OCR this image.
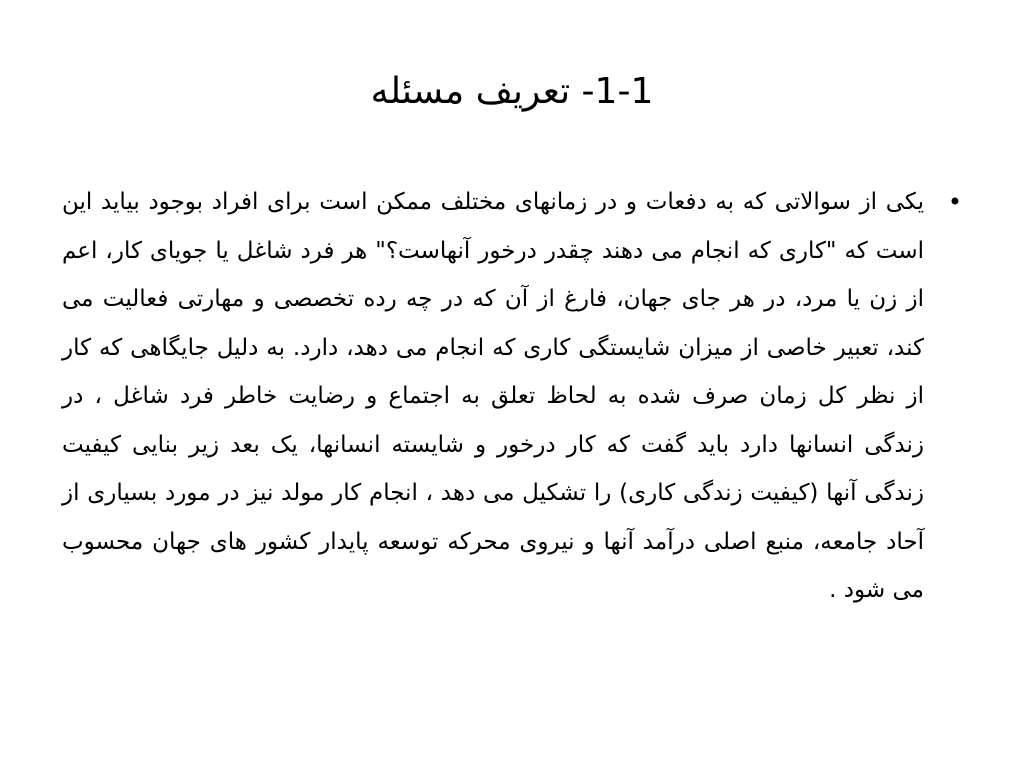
1-1- تعریف مسئله
•

یکی از سوالاتی که به دفعات و در زمانهای مختلف ممکن است برای افراد بوجود بیاید این است که "کاری که انجام می دهند چقدر درخور آنهاست؟" هر فرد شاغل یا جویای کار، اعم از زن یا مرد، در هر جای جهان، فارغ از آن که در چه رده تخصصی و مهارتی فعالیت می کند، تعبیر خاصی از میزان شایستگی کاری که انجام می دهد، دارد. به دلیل جایگاهی که کار از نظر کل زمان صرف شده به لحاظ تعلق به اجتماع و رضایت خاطر فرد شاغل ، در زندگی انسانها دارد باید گفت که کار درخور و شایسته انسانها، یک بعد زیر بنایی کیفیت زندگی آنها (کیفیت زندگی کاری) را تشکیل می دهد ، انجام کار مولد نیز در مورد بسیاری از آحاد جامعه، منبع اصلی درآمد آنها و نیروی محرکه توسعه پایدار کشور های جهان محسوب می شود .
